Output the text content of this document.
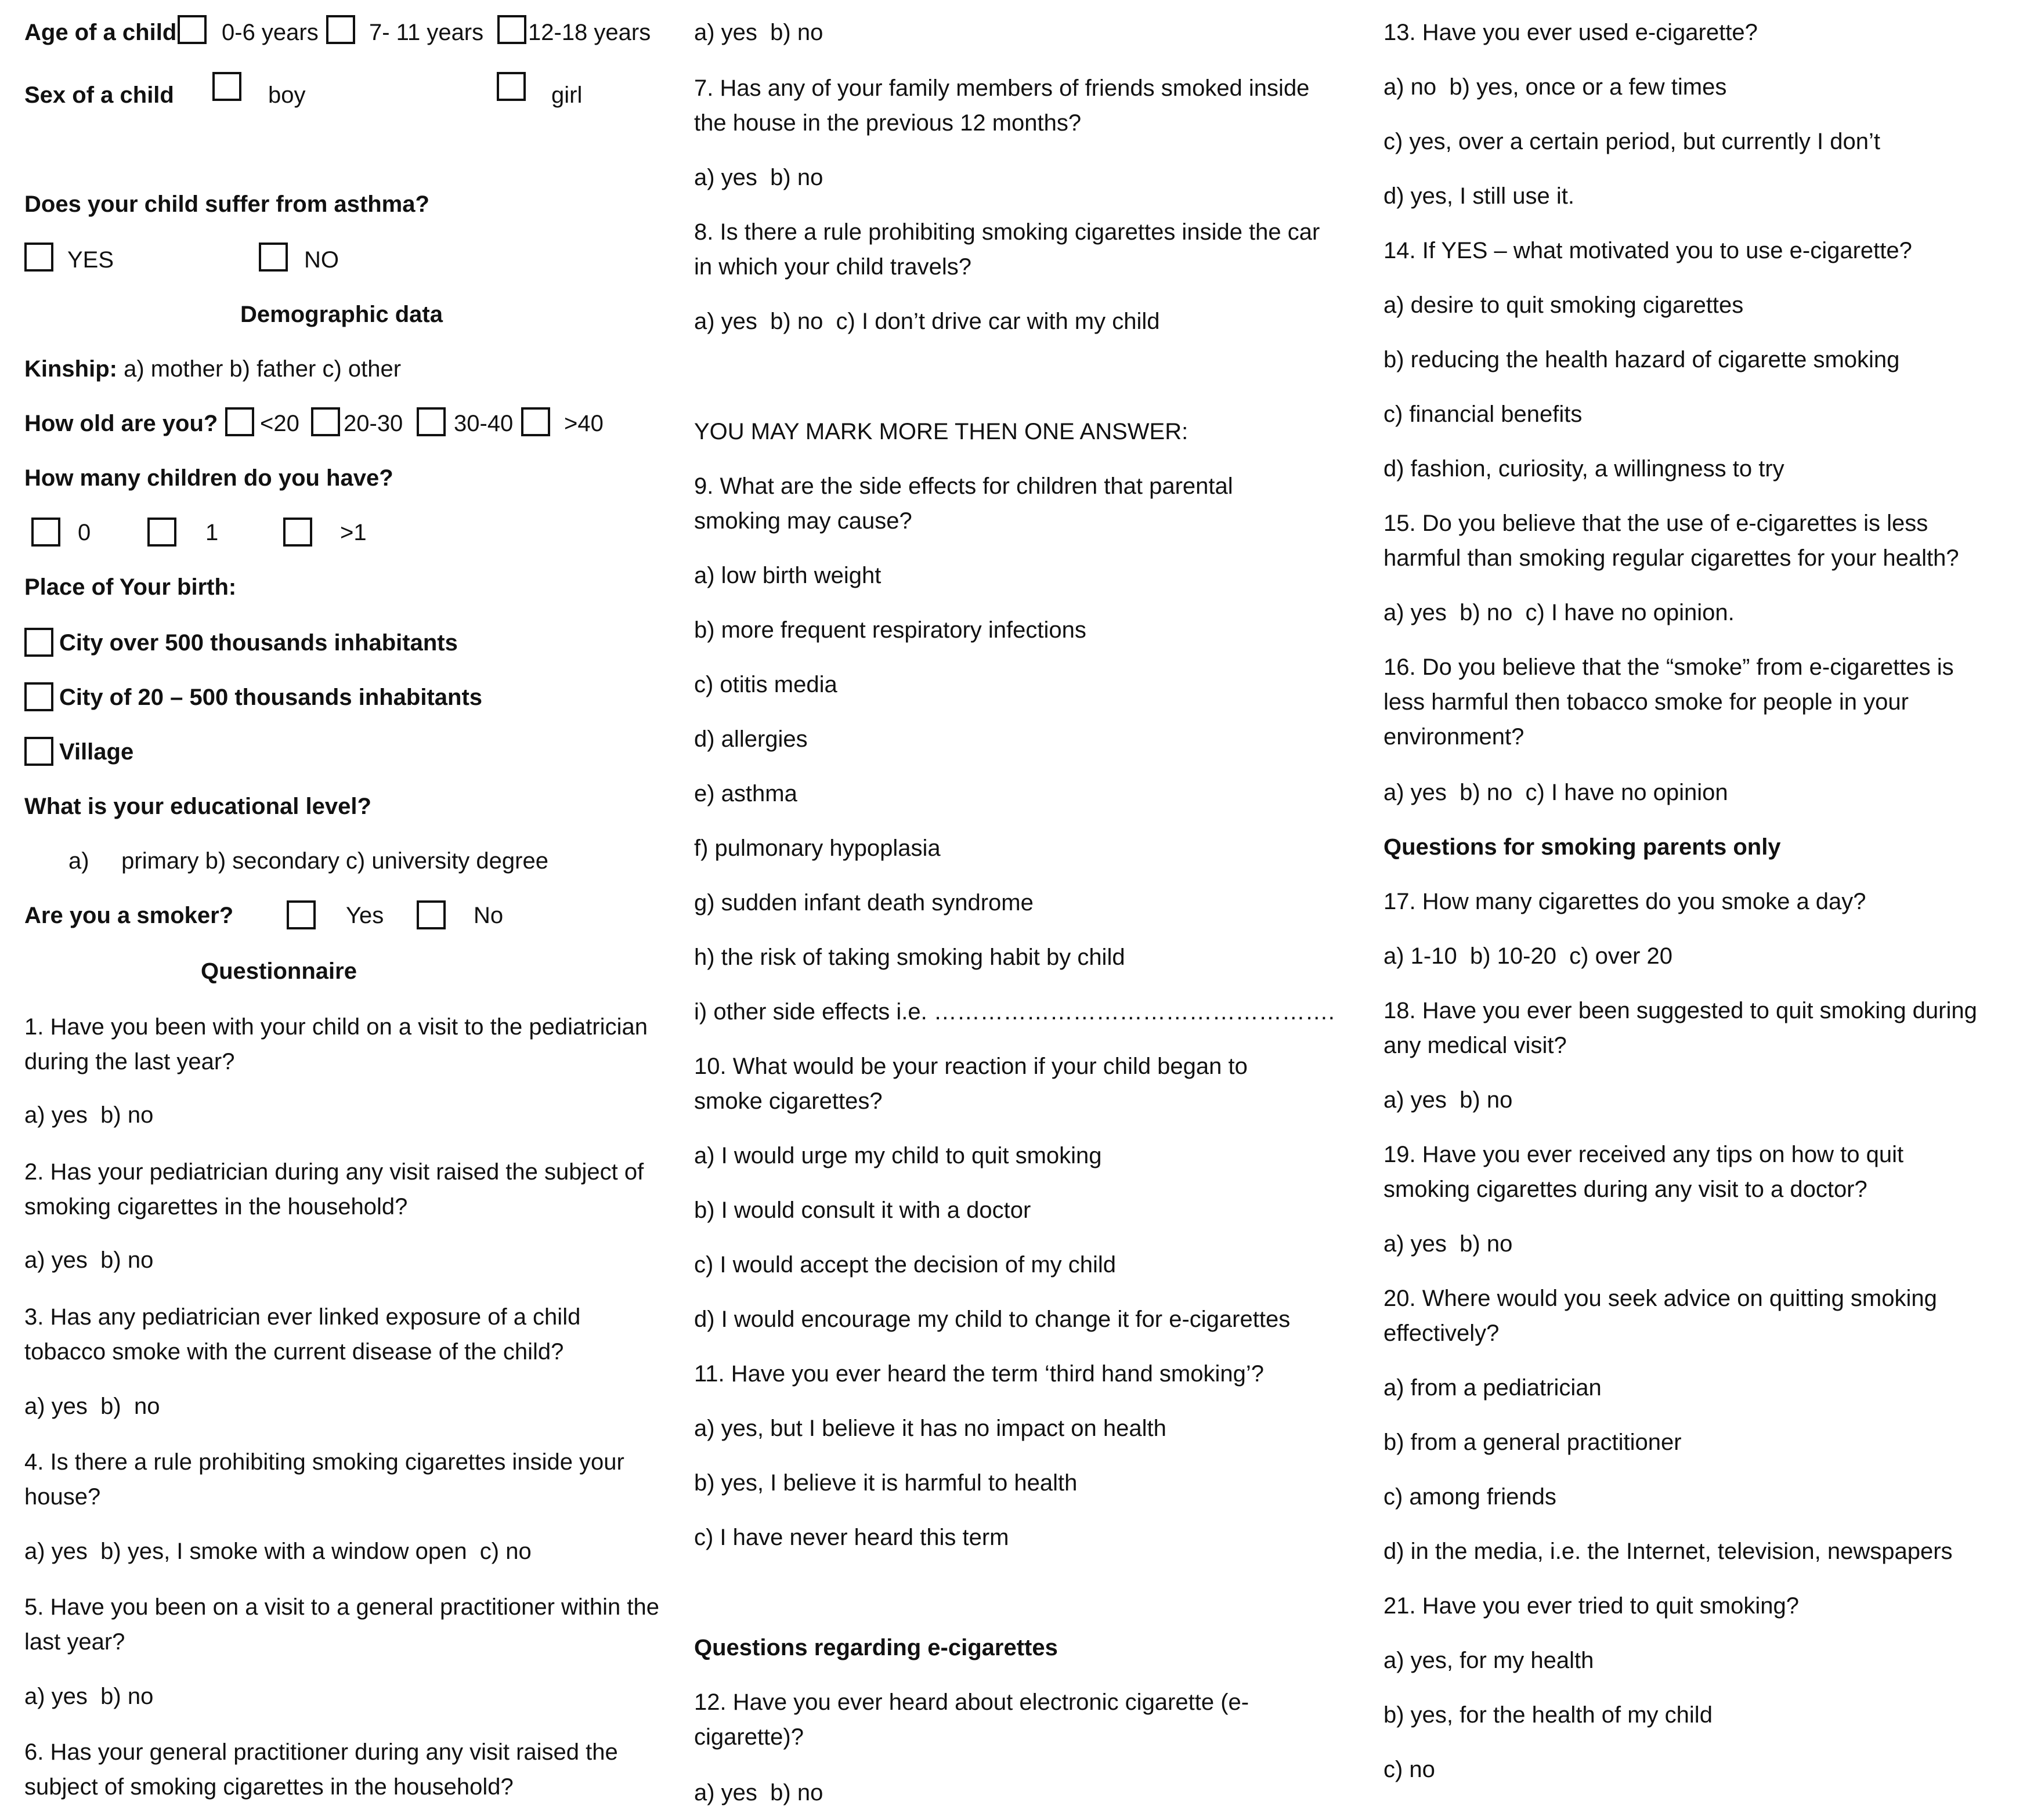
Age of a child 0-6 years 7- 11 years 12-18 years

Sex of a child	boy	girl

Does your child suffer from asthma?

YES	NO

Demographic data

Kinship: a) mother b) father c) other

How old are you? <20 20-30 30-40 >40

How many children do you have?

0	1	>1

Place of Your birth:

City over 500 thousands inhabitants

City of 20 – 500 thousands inhabitants

Village

What is your educational level?

a)     primary b) secondary c) university degree

Are you a smoker?	Yes	No

Questionnaire

1. Have you been with your child on a visit to the pediatrician during the last year?

a) yes  b) no

2. Has your pediatrician during any visit raised the subject of smoking cigarettes in the household?

a) yes  b) no

3. Has any pediatrician ever linked exposure of a child tobacco smoke with the current disease of the child?

a) yes  b)  no

4. Is there a rule prohibiting smoking cigarettes inside your house?

a) yes  b) yes, I smoke with a window open  c) no

5. Have you been on a visit to a general practitioner within the last year?

a) yes  b) no

6. Has your general practitioner during any visit raised the subject of smoking cigarettes in the household?

a) yes  b) no

7. Has any of your family members of friends smoked inside the house in the previous 12 months?

a) yes  b) no

8. Is there a rule prohibiting smoking cigarettes inside the car in which your child travels?

a) yes  b) no  c) I don’t drive car with my child

YOU MAY MARK MORE THEN ONE ANSWER:

9. What are the side effects for children that parental smoking may cause?

a) low birth weight

b) more frequent respiratory infections

c) otitis media

d) allergies

e) asthma

f) pulmonary hypoplasia

g) sudden infant death syndrome

h) the risk of taking smoking habit by child

i) other side effects i.e. …………………………………………….

10. What would be your reaction if your child began to smoke cigarettes?

a) I would urge my child to quit smoking

b) I would consult it with a doctor

c) I would accept the decision of my child

d) I would encourage my child to change it for e-cigarettes

11. Have you ever heard the term ‘third hand smoking’?

a) yes, but I believe it has no impact on health

b) yes, I believe it is harmful to health

c) I have never heard this term

Questions regarding e-cigarettes

12. Have you ever heard about electronic cigarette (e-cigarette)?

a) yes  b) no

13. Have you ever used e-cigarette?

a) no  b) yes, once or a few times

c) yes, over a certain period, but currently I don’t

d) yes, I still use it.

14. If YES – what motivated you to use e-cigarette?

a) desire to quit smoking cigarettes

b) reducing the health hazard of cigarette smoking

c) financial benefits

d) fashion, curiosity, a willingness to try

15. Do you believe that the use of e-cigarettes is less harmful than smoking regular cigarettes for your health?

a) yes  b) no  c) I have no opinion.

16. Do you believe that the “smoke” from e-cigarettes is less harmful then tobacco smoke for people in your environment?

a) yes  b) no  c) I have no opinion

Questions for smoking parents only

17. How many cigarettes do you smoke a day?

a) 1-10  b) 10-20  c) over 20

18. Have you ever been suggested to quit smoking during any medical visit?

a) yes  b) no

19. Have you ever received any tips on how to quit smoking cigarettes during any visit to a doctor?

a) yes  b) no

20. Where would you seek advice on quitting smoking effectively?

a) from a pediatrician

b) from a general practitioner

c) among friends

d) in the media, i.e. the Internet, television, newspapers

21. Have you ever tried to quit smoking?

a) yes, for my health

b) yes, for the health of my child

c) no
